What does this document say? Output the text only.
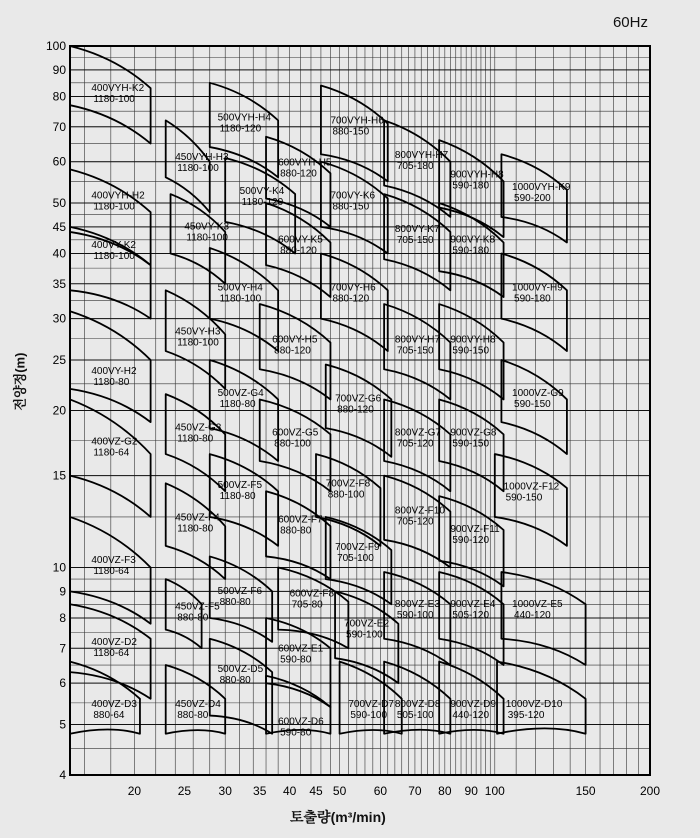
400VYH-K2
1180-100
400VYH-H2
1180-100
400VY-K2
1180-100
400VY-H2
1180-80
400VZ-G2
1180-64
400VZ-F3
1180-64
400VZ-D2
1180-64
400VZ-D3
880-64
450VYH-H3
1180-100
450VY-K3
1180-100
450VY-H3
1180-100
450VZ-G3
1180-80
450VZ-F4
1180-80
450VZ-F5
880-80
450VZ-D4
880-80
500VYH-H4
1180-120
500VY-K4
1180-120
500VY-H4
1180-100
500VZ-G4
1180-80
500VZ-F5
1180-80
500VZ-F6
880-80
500VZ-D5
880-80
600VYH-H5
880-120
600VY-K5
880-120
600VY-H5
880-120
600VZ-G5
880-100
600VZ-F7
880-80
600VZ-F8
705-80
600VZ-E1
590-80
600VZ-D6
590-80
700VYH-H6
880-150
700VY-K6
880-150
700VY-H6
880-120
700VZ-G6
880-120
700VZ-F8
880-100
700VZ-F9
705-100
700VZ-E2
590-100
700VZ-D7
590-100
800VYH-H7
705-180
800VY-K7
705-150
800VY-H7
705-150
800VZ-G7
705-120
800VZ-F10
705-120
800VZ-E3
590-100
800VZ-D8
505-100
900VYH-H8
590-180
900VY-K8
590-180
900VY-H8
590-150
900VZ-G8
590-150
900VZ-F11
590-120
900VZ-E4
505-120
900VZ-D9
440-120
1000VYH-K9
590-200
1000VY-H9
590-180
1000VZ-G9
590-150
1000VZ-F12
590-150
1000VZ-E5
440-120
1000VZ-D10
395-120
20	25 30 35 40 45 50 60 70 80 90 100	150	200
4
5
6
7
8
9
10
15
20
25
30
35
40
45
50
60
70
80
90
100
60Hz
전양정(m)
토출량(m³/min)
